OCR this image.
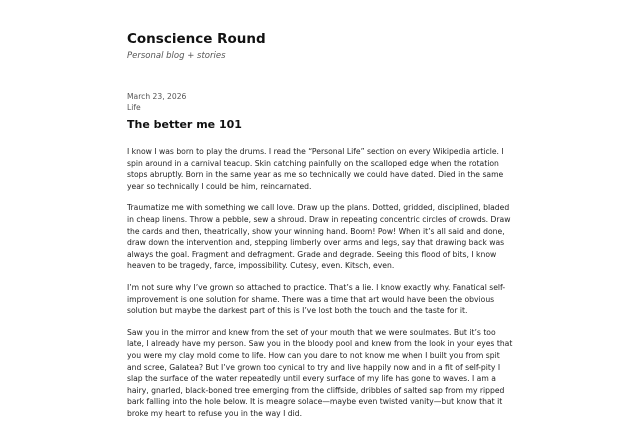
Conscience Round
Personal blog + stories
March 23, 2026
Life
The better me 101

I know I was born to play the drums. I read the “Personal Life” section on every Wikipedia article. I spin around in a carnival teacup. Skin catching painfully on the scalloped edge when the rotation stops abruptly. Born in the same year as me so technically we could have dated. Died in the same year so technically I could be him, reincarnated.

Traumatize me with something we call love. Draw up the plans. Dotted, gridded, disciplined, bladed in cheap linens. Throw a pebble, sew a shroud. Draw in repeating concentric circles of crowds. Draw the cards and then, theatrically, show your winning hand. Boom! Pow! When it’s all said and done, draw down the intervention and, stepping limberly over arms and legs, say that drawing back was always the goal. Fragment and defragment. Grade and degrade. Seeing this flood of bits, I know heaven to be tragedy, farce, impossibility. Cutesy, even. Kitsch, even.

I’m not sure why I’ve grown so attached to practice. That’s a lie. I know exactly why. Fanatical self-improvement is one solution for shame. There was a time that art would have been the obvious solution but maybe the darkest part of this is I’ve lost both the touch and the taste for it.

Saw you in the mirror and knew from the set of your mouth that we were soulmates. But it’s too late, I already have my person. Saw you in the bloody pool and knew from the look in your eyes that you were my clay mold come to life. How can you dare to not know me when I built you from spit and scree, Galatea? But I’ve grown too cynical to try and live happily now and in a fit of self-pity I slap the surface of the water repeatedly until every surface of my life has gone to waves. I am a hairy, gnarled, black-boned tree emerging from the cliffside, dribbles of salted sap from my ripped bark falling into the hole below. It is meagre solace—maybe even twisted vanity—but know that it broke my heart to refuse you in the way I did.
